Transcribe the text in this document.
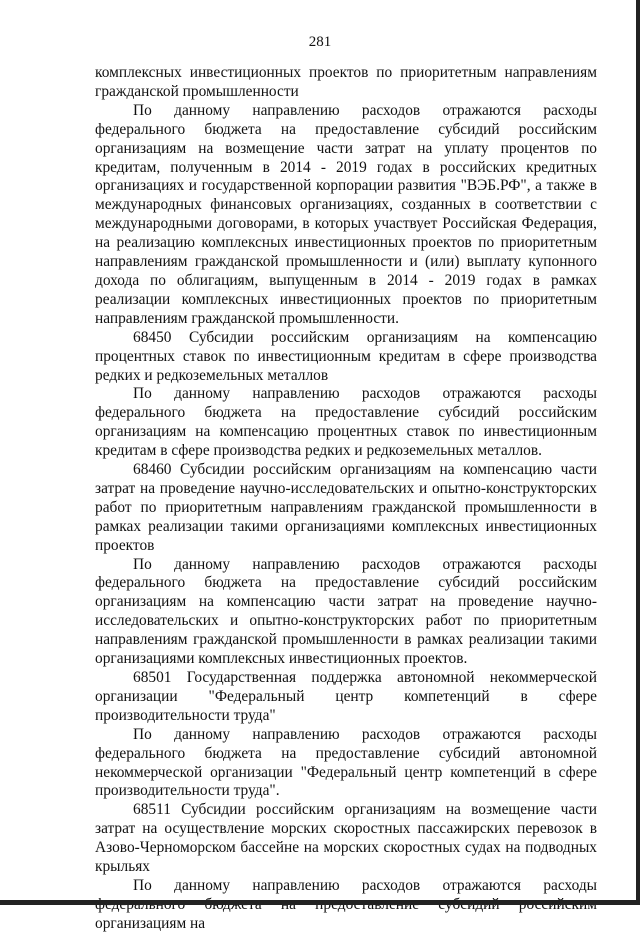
281

комплексных инвестиционных проектов по приоритетным направлениям гражданской промышленности

По данному направлению расходов отражаются расходы федерального бюджета на предоставление субсидий российским организациям на возмещение части затрат на уплату процентов по кредитам, полученным в 2014 - 2019 годах в российских кредитных организациях и государственной корпорации развития "ВЭБ.РФ", а также в международных финансовых организациях, созданных в соответствии с международными договорами, в которых участвует Российская Федерация, на реализацию комплексных инвестиционных проектов по приоритетным направлениям гражданской промышленности и (или) выплату купонного дохода по облигациям, выпущенным в 2014 - 2019 годах в рамках реализации комплексных инвестиционных проектов по приоритетным направлениям гражданской промышленности.

68450 Субсидии российским организациям на компенсацию процентных ставок по инвестиционным кредитам в сфере производства редких и редкоземельных металлов

По данному направлению расходов отражаются расходы федерального бюджета на предоставление субсидий российским организациям на компенсацию процентных ставок по инвестиционным кредитам в сфере производства редких и редкоземельных металлов.

68460 Субсидии российским организациям на компенсацию части затрат на проведение научно-исследовательских и опытно-конструкторских работ по приоритетным направлениям гражданской промышленности в рамках реализации такими организациями комплексных инвестиционных проектов

По данному направлению расходов отражаются расходы федерального бюджета на предоставление субсидий российским организациям на компенсацию части затрат на проведение научно-исследовательских и опытно-конструкторских работ по приоритетным направлениям гражданской промышленности в рамках реализации такими организациями комплексных инвестиционных проектов.

68501 Государственная поддержка автономной некоммерческой организации "Федеральный центр компетенций в сфере производительности труда"

По данному направлению расходов отражаются расходы федерального бюджета на предоставление субсидий автономной некоммерческой организации "Федеральный центр компетенций в сфере производительности труда".

68511 Субсидии российским организациям на возмещение части затрат на осуществление морских скоростных пассажирских перевозок в Азово-Черноморском бассейне на морских скоростных судах на подводных крыльях

По данному направлению расходов отражаются расходы организациям на
